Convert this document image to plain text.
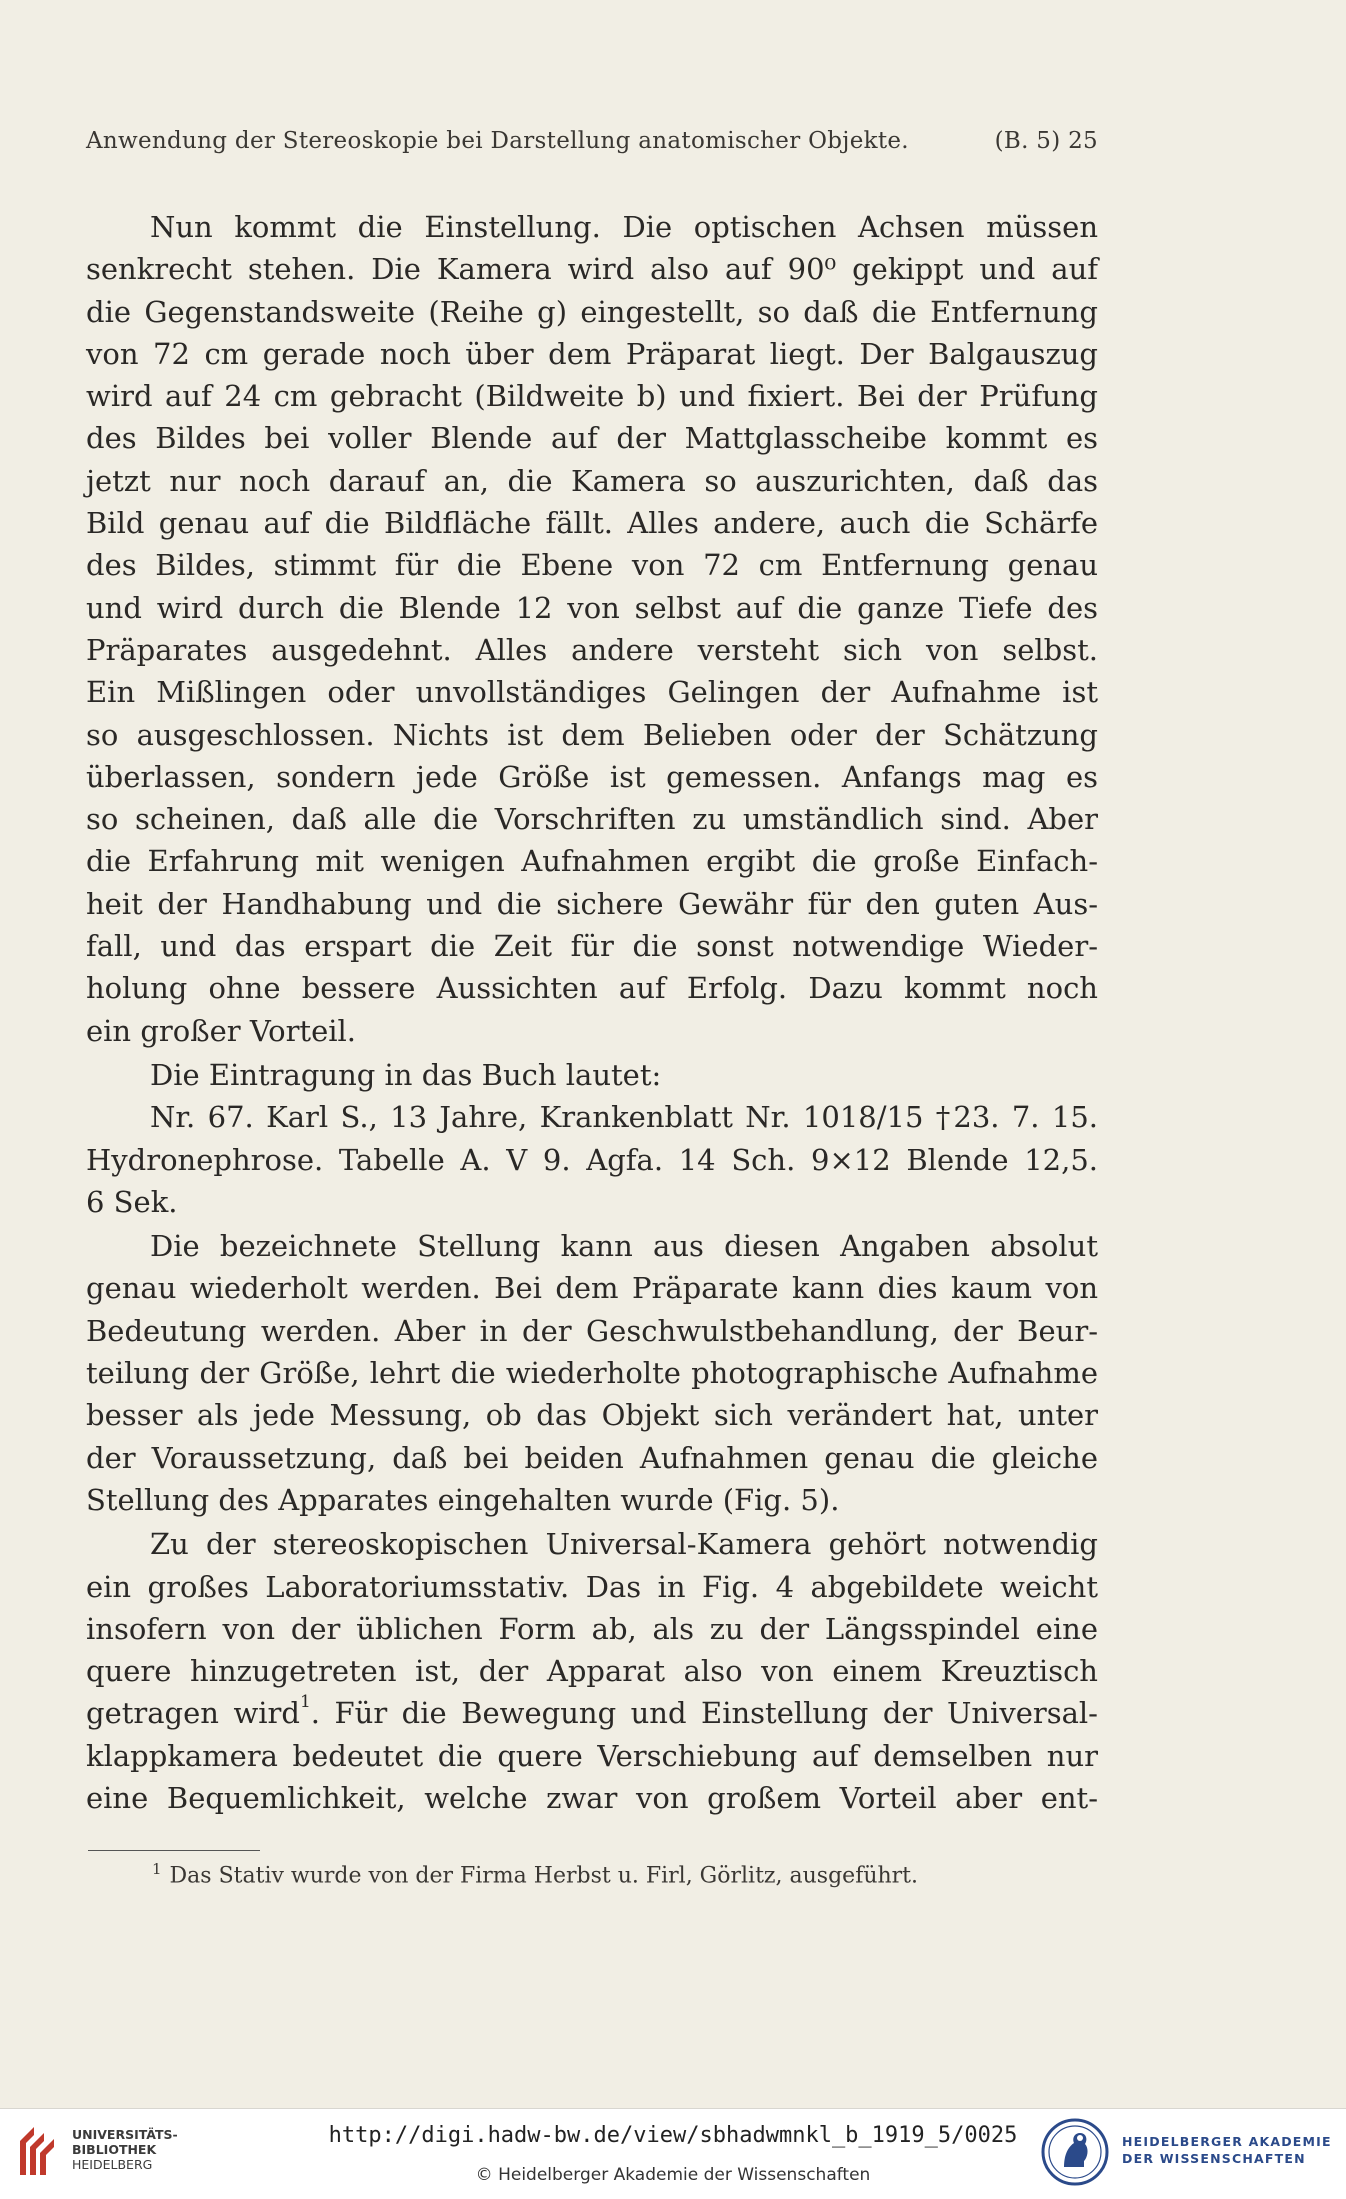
Anwendung der Stereoskopie bei Darstellung anatomischer Objekte.	(B. 5) 25
Nun kommt die Einstellung. Die optischen Achsen müssen
senkrecht stehen. Die Kamera wird also auf 90⁰ gekippt und auf
die Gegenstandsweite (Reihe g) eingestellt, so daß die Entfernung
von 72 cm gerade noch über dem Präparat liegt. Der Balgauszug
wird auf 24 cm gebracht (Bildweite b) und fixiert. Bei der Prüfung
des Bildes bei voller Blende auf der Mattglasscheibe kommt es
jetzt nur noch darauf an, die Kamera so auszurichten, daß das
Bild genau auf die Bildfläche fällt. Alles andere, auch die Schärfe
des Bildes, stimmt für die Ebene von 72 cm Entfernung genau
und wird durch die Blende 12 von selbst auf die ganze Tiefe des
Präparates ausgedehnt. Alles andere versteht sich von selbst.
Ein Mißlingen oder unvollständiges Gelingen der Aufnahme ist
so ausgeschlossen. Nichts ist dem Belieben oder der Schätzung
überlassen, sondern jede Größe ist gemessen. Anfangs mag es
so scheinen, daß alle die Vorschriften zu umständlich sind. Aber
die Erfahrung mit wenigen Aufnahmen ergibt die große Einfach-
heit der Handhabung und die sichere Gewähr für den guten Aus-
fall, und das erspart die Zeit für die sonst notwendige Wieder-
holung ohne bessere Aussichten auf Erfolg. Dazu kommt noch
ein großer Vorteil.
Die Eintragung in das Buch lautet:
Nr. 67. Karl S., 13 Jahre, Krankenblatt Nr. 1018/15 †23. 7. 15.
Hydronephrose. Tabelle A. V 9. Agfa. 14 Sch. 9×12 Blende 12,5.
6 Sek.
Die bezeichnete Stellung kann aus diesen Angaben absolut
genau wiederholt werden. Bei dem Präparate kann dies kaum von
Bedeutung werden. Aber in der Geschwulstbehandlung, der Beur-
teilung der Größe, lehrt die wiederholte photographische Aufnahme
besser als jede Messung, ob das Objekt sich verändert hat, unter
der Voraussetzung, daß bei beiden Aufnahmen genau die gleiche
Stellung des Apparates eingehalten wurde (Fig. 5).
Zu der stereoskopischen Universal-Kamera gehört notwendig
ein großes Laboratoriumsstativ. Das in Fig. 4 abgebildete weicht
insofern von der üblichen Form ab, als zu der Längsspindel eine
quere hinzugetreten ist, der Apparat also von einem Kreuztisch
getragen wird$^1$. Für die Bewegung und Einstellung der Universal-
klappkamera bedeutet die quere Verschiebung auf demselben nur
eine Bequemlichkeit, welche zwar von großem Vorteil aber ent-
$^1$ Das Stativ wurde von der Firma Herbst u. Firl, Görlitz, ausgeführt.
UNIVERSITÄTS-
BIBLIOTHEK
HEIDELBERG
http://digi.hadw-bw.de/view/sbhadwmnkl_b_1919_5/0025
© Heidelberger Akademie der Wissenschaften
HEIDELBERGER AKADEMIE
DER WISSENSCHAFTEN
